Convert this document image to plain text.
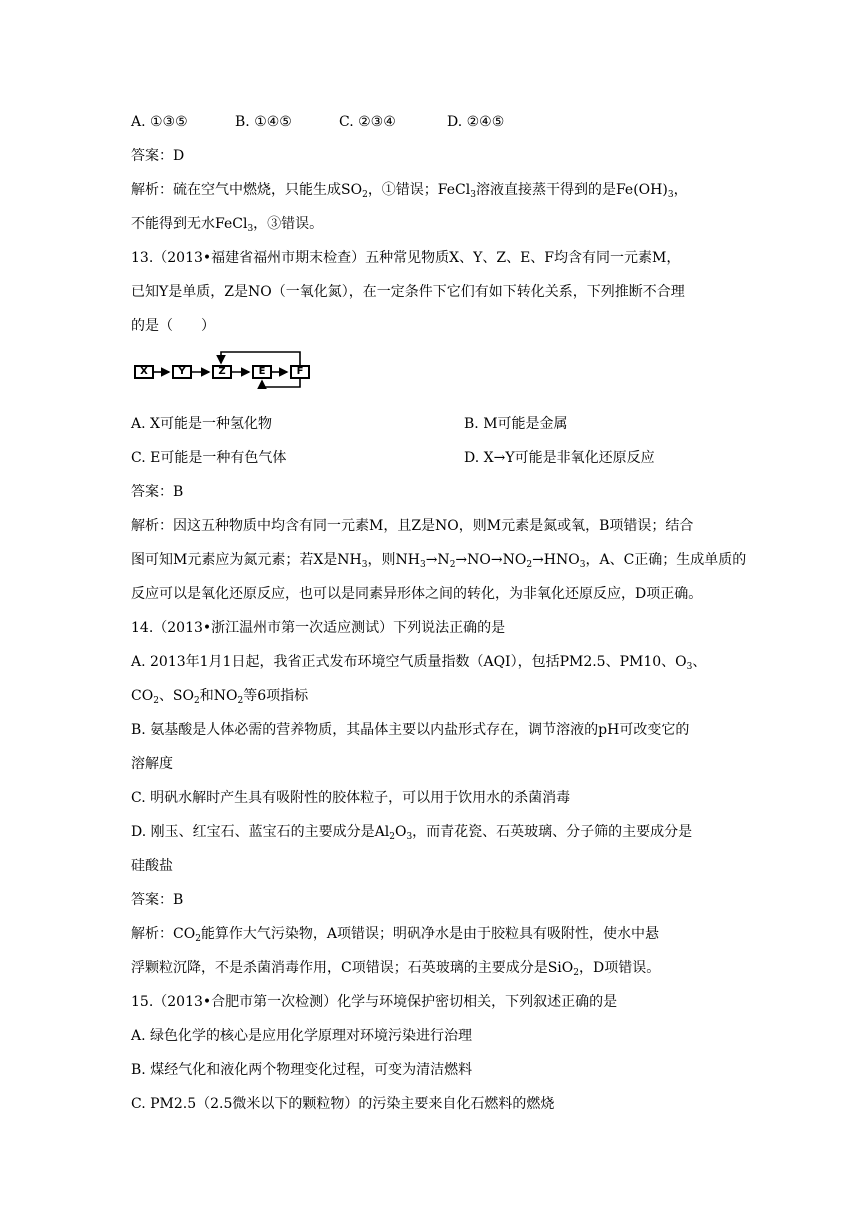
A. ①③⑤	B. ①④⑤	C. ②③④	D. ②④⑤
答案：D
解析：硫在空气中燃烧，只能生成$SO_2$，①错误；FeCl$_3$溶液直接蒸干得到的是$Fe(OH)_3$，
不能得到无水FeCl$_3$，③错误。
13.（2013•福建省福州市期末检查）五种常见物质X、Y、Z、E、F均含有同一元素M，
已知Y是单质，Z是NO（一氧化氮），在一定条件下它们有如下转化关系，下列推断不合理
的是（　　）
X	Y	Z	E	F
A. X可能是一种氢化物	B. M可能是金属
C. E可能是一种有色气体	D. X→Y可能是非氧化还原反应
答案：B
解析：因这五种物质中均含有同一元素M，且Z是NO，则M元素是氮或氧，B项错误；结合
图可知M元素应为氮元素；若X是$NH_3$，则$NH_3\to N_2\to NO\to NO_2\to HNO_3$，A、C正确；生成单质的
反应可以是氧化还原反应，也可以是同素异形体之间的转化，为非氧化还原反应，D项正确。
14.（2013•浙江温州市第一次适应测试）下列说法正确的是
A. 2013年1月1日起，我省正式发布环境空气质量指数（AQI），包括PM2.5、PM10、$O_3$、
$CO_2$、$SO_2$和$NO_2$等6项指标
B. 氨基酸是人体必需的营养物质，其晶体主要以内盐形式存在，调节溶液的pH可改变它的
溶解度
C. 明矾水解时产生具有吸附性的胶体粒子，可以用于饮用水的杀菌消毒
D. 刚玉、红宝石、蓝宝石的主要成分是$Al_2O_3$，而青花瓷、石英玻璃、分子筛的主要成分是
硅酸盐
答案：B
解析：$CO_2$能算作大气污染物，A项错误；明矾净水是由于胶粒具有吸附性，使水中悬
浮颗粒沉降，不是杀菌消毒作用，C项错误；石英玻璃的主要成分是SiO$_2$，D项错误。
15.（2013•合肥市第一次检测）化学与环境保护密切相关，下列叙述正确的是
A. 绿色化学的核心是应用化学原理对环境污染进行治理
B. 煤经气化和液化两个物理变化过程，可变为清洁燃料
C. PM2.5（2.5微米以下的颗粒物）的污染主要来自化石燃料的燃烧
